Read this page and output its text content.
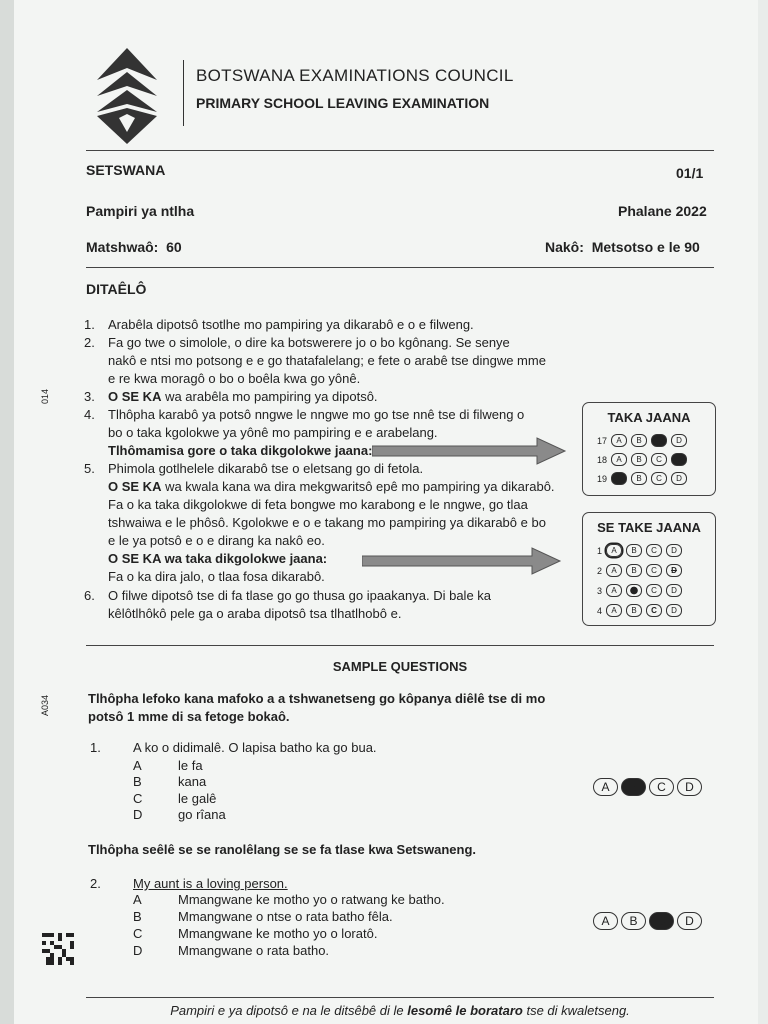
BOTSWANA EXAMINATIONS COUNCIL
PRIMARY SCHOOL LEAVING EXAMINATION
SETSWANA	01/1
Pampiri ya ntlha	Phalane 2022
Matshwaô: 60	Nakô: Metsotso e le 90
DITAÊLÔ
1. Arabêla dipotsô tsotlhe mo pampiring ya dikarabô e o e filweng.
2. Fa go twe o simolole, o dire ka botswerere jo o bo kgônang. Se senye
nakô e ntsi mo potsong e e go thatafalelang; e fete o arabê tse dingwe mme
e re kwa moragô o bo o boêla kwa go yônê.
3. O SE KA wa arabêla mo pampiring ya dipotsô.
4. Tlhôpha karabô ya potsô nngwe le nngwe mo go tse nnê tse di filweng o
bo o taka kgolokwe ya yônê mo pampiring e e arabelang.
Tlhômamisa gore o taka dikgolokwe jaana:
5. Phimola gotlhelele dikarabô tse o eletsang go di fetola.
O SE KA wa kwala kana wa dira mekgwaritsô epê mo pampiring ya dikarabô.
Fa o ka taka dikgolokwe di feta bongwe mo karabong e le nngwe, go tlaa
tshwaiwa e le phôsô. Kgolokwe e o e takang mo pampiring ya dikarabô e bo
e le ya potsô e o e dirang ka nakô eo.
O SE KA wa taka dikgolokwe jaana:
Fa o ka dira jalo, o tlaa fosa dikarabô.
6. O filwe dipotsô tse di fa tlase go go thusa go ipaakanya. Di bale ka
kêlôtlhôkô pele ga o araba dipotsô tsa tlhatlhobô e.
TAKA JAANA
17	A	B	C	D
18	A	B	C	D
19	A	B	C	D
SE TAKE JAANA
1	A	B	C	D
2	A	B	C	D
3	A	B	C	D
4	A	B	C	D
SAMPLE QUESTIONS
Tlhôpha lefoko kana mafoko a a tshwanetseng go kôpanya diêlê tse di mo
potsô 1 mme di sa fetoge bokaô.
1. A ko o didimalê. O lapisa batho ka go bua.
A	le fa
B	kana
C	le galê
D	go rîana
A	B	C	D
Tlhôpha seêlê se se ranolêlang se se fa tlase kwa Setswaneng.
2. My aunt is a loving person.
A	Mmangwane ke motho yo o ratwang ke batho.
B	Mmangwane o ntse o rata batho fêla.
C	Mmangwane ke motho yo o loratô.
D	Mmangwane o rata batho.
A	B	C	D
Pampiri e ya dipotsô e na le ditsêbê di le lesomê le borataro tse di kwaletseng.
014
A034
